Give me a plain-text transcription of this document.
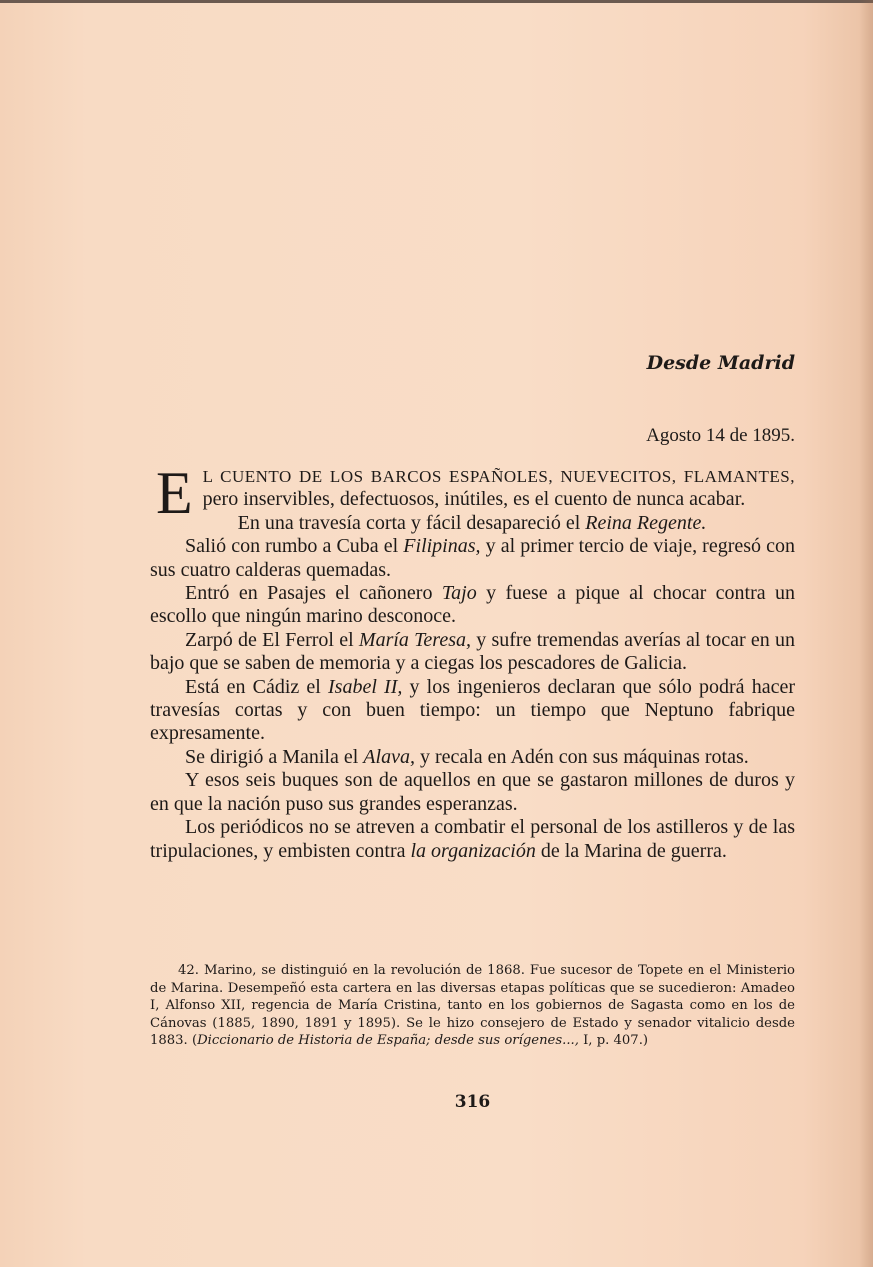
Desde Madrid
Agosto 14 de 1895.

E L CUENTO DE LOS BARCOS ESPAÑOLES, NUEVECITOS, FLAMANTES, pero inservibles, defectuosos, inútiles, es el cuento de nunca acabar.

En una travesía corta y fácil desapareció el Reina Regente.

Salió con rumbo a Cuba el Filipinas, y al primer tercio de viaje, regresó con sus cuatro calderas quemadas.

Entró en Pasajes el cañonero Tajo y fuese a pique al chocar contra un escollo que ningún marino desconoce.

Zarpó de El Ferrol el María Teresa, y sufre tremendas averías al tocar en un bajo que se saben de memoria y a ciegas los pescadores de Galicia.

Está en Cádiz el Isabel II, y los ingenieros declaran que sólo podrá hacer travesías cortas y con buen tiempo: un tiempo que Neptuno fabrique expresamente.

Se dirigió a Manila el Alava, y recala en Adén con sus máquinas rotas.

Y esos seis buques son de aquellos en que se gastaron millones de duros y en que la nación puso sus grandes esperanzas.

Los periódicos no se atreven a combatir el personal de los astilleros y de las tripulaciones, y embisten contra la organización de la Marina de guerra.

42. Marino, se distinguió en la revolución de 1868. Fue sucesor de Topete en el Ministerio de Marina. Desempeñó esta cartera en las diversas etapas políticas que se sucedieron: Amadeo I, Alfonso XII, regencia de María Cristina, tanto en los gobiernos de Sagasta como en los de Cánovas (1885, 1890, 1891 y 1895). Se le hizo consejero de Estado y senador vitalicio desde 1883. (Diccionario de Historia de España; desde sus orígenes..., I, p. 407.)

316
